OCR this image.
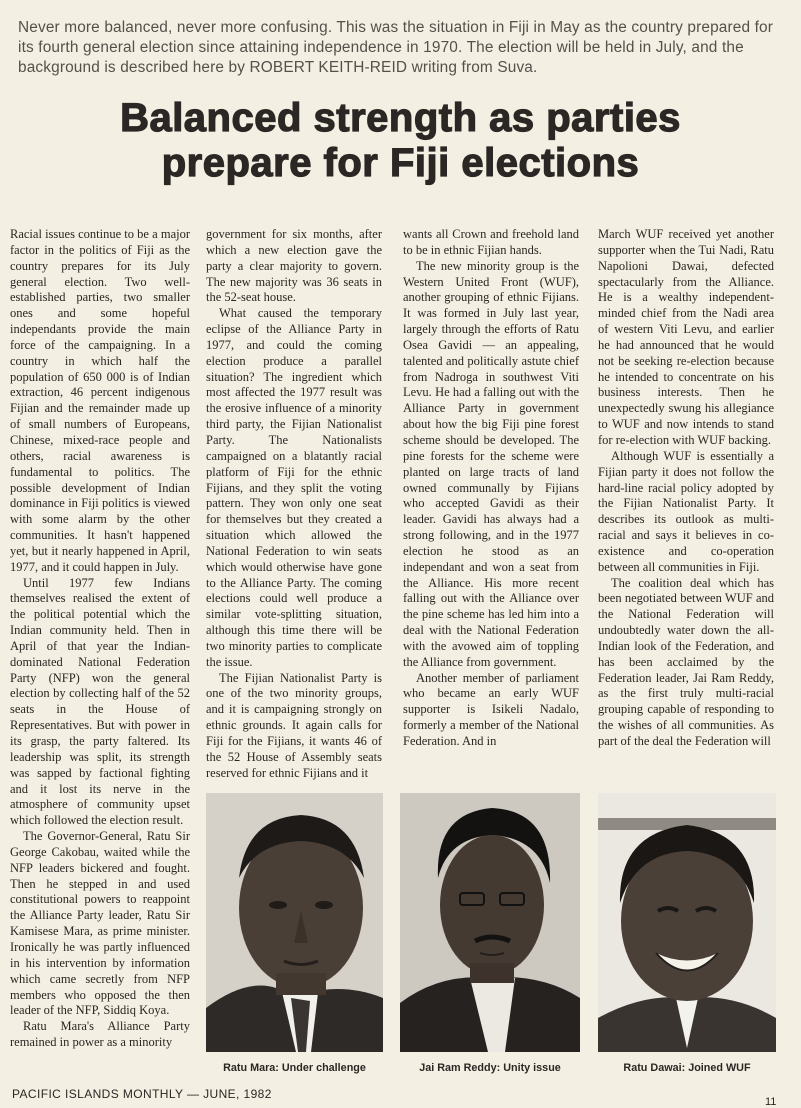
Never more balanced, never more confusing. This was the situation in Fiji in May as the country prepared for its fourth general election since attaining independence in 1970. The election will be held in July, and the background is described here by ROBERT KEITH-REID writing from Suva.
Balanced strength as parties
prepare for Fiji elections

Racial issues continue to be a major factor in the politics of Fiji as the country prepares for its July general election. Two well-established parties, two smaller ones and some hopeful independants provide the main force of the campaigning. In a country in which half the population of 650 000 is of Indian extraction, 46 percent indigenous Fijian and the remainder made up of small numbers of Europeans, Chinese, mixed-race people and others, racial awareness is fundamental to politics. The possible development of Indian dominance in Fiji politics is viewed with some alarm by the other communities. It hasn't happened yet, but it nearly happened in April, 1977, and it could happen in July.

Until 1977 few Indians themselves realised the extent of the political potential which the Indian community held. Then in April of that year the Indian-dominated National Federation Party (NFP) won the general election by collecting half of the 52 seats in the House of Representatives. But with power in its grasp, the party faltered. Its leadership was split, its strength was sapped by factional fighting and it lost its nerve in the atmosphere of community upset which followed the election result.

The Governor-General, Ratu Sir George Cakobau, waited while the NFP leaders bickered and fought. Then he stepped in and used constitutional powers to reappoint the Alliance Party leader, Ratu Sir Kamisese Mara, as prime minister. Ironically he was partly influenced in his intervention by information which came secretly from NFP members who opposed the then leader of the NFP, Siddiq Koya.

Ratu Mara's Alliance Party remained in power as a minority

government for six months, after which a new election gave the party a clear majority to govern. The new majority was 36 seats in the 52-seat house.

What caused the temporary eclipse of the Alliance Party in 1977, and could the coming election produce a parallel situation? The ingredient which most affected the 1977 result was the erosive influence of a minority third party, the Fijian Nationalist Party. The Nationalists campaigned on a blatantly racial platform of Fiji for the ethnic Fijians, and they split the voting pattern. They won only one seat for themselves but they created a situation which allowed the National Federation to win seats which would otherwise have gone to the Alliance Party. The coming elections could well produce a similar vote-splitting situation, although this time there will be two minority parties to complicate the issue.

The Fijian Nationalist Party is one of the two minority groups, and it is campaigning strongly on ethnic grounds. It again calls for Fiji for the Fijians, it wants 46 of the 52 House of Assembly seats reserved for ethnic Fijians and it

wants all Crown and freehold land to be in ethnic Fijian hands.

The new minority group is the Western United Front (WUF), another grouping of ethnic Fijians. It was formed in July last year, largely through the efforts of Ratu Osea Gavidi — an appealing, talented and politically astute chief from Nadroga in southwest Viti Levu. He had a falling out with the Alliance Party in government about how the big Fiji pine forest scheme should be developed. The pine forests for the scheme were planted on large tracts of land owned communally by Fijians who accepted Gavidi as their leader. Gavidi has always had a strong following, and in the 1977 election he stood as an independant and won a seat from the Alliance. His more recent falling out with the Alliance over the pine scheme has led him into a deal with the National Federation with the avowed aim of toppling the Alliance from government.

Another member of parliament who became an early WUF supporter is Isikeli Nadalo, formerly a member of the National Federation. And in

March WUF received yet another supporter when the Tui Nadi, Ratu Napolioni Dawai, defected spectacularly from the Alliance. He is a wealthy independent-minded chief from the Nadi area of western Viti Levu, and earlier he had announced that he would not be seeking re-election because he intended to concentrate on his business interests. Then he unexpectedly swung his allegiance to WUF and now intends to stand for re-election with WUF backing.

Although WUF is essentially a Fijian party it does not follow the hard-line racial policy adopted by the Fijian Nationalist Party. It describes its outlook as multi-racial and says it believes in co-existence and co-operation between all communities in Fiji.

The coalition deal which has been negotiated between WUF and the National Federation will undoubtedly water down the all-Indian look of the Federation, and has been acclaimed by the Federation leader, Jai Ram Reddy, as the first truly multi-racial grouping capable of responding to the wishes of all communities. As part of the deal the Federation will

Ratu Mara: Under challenge	Jai Ram Reddy: Unity issue	Ratu Dawai: Joined WUF
PACIFIC ISLANDS MONTHLY — JUNE, 1982
11
